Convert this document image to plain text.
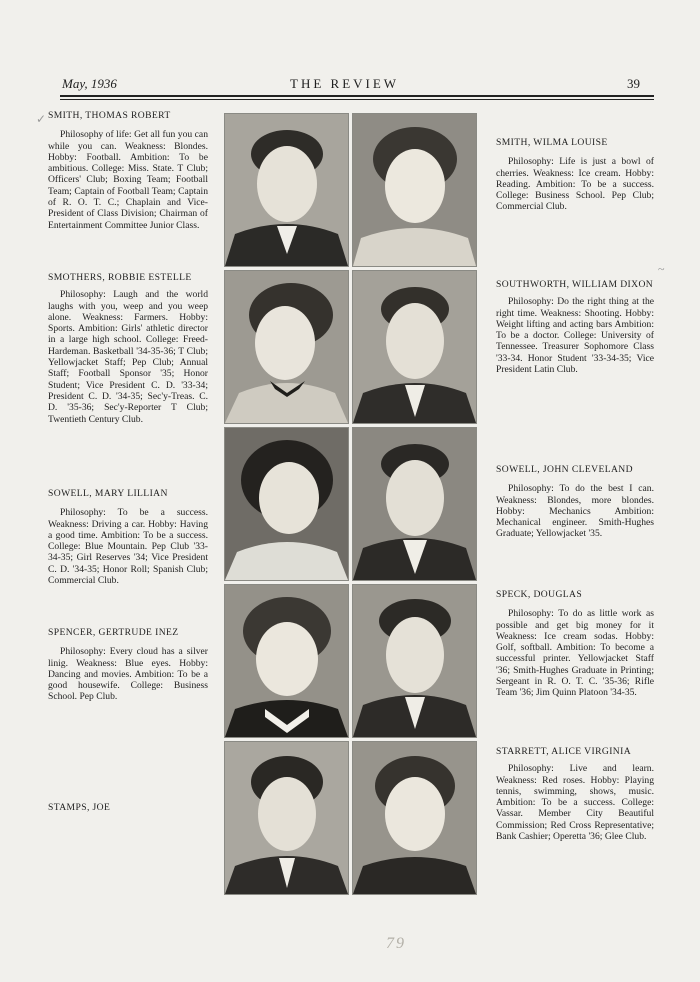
May, 1936	THE REVIEW	39
SMITH, THOMAS ROBERT
Philosophy of life: Get all fun you can while you can. Weakness: Blondes. Hobby: Football. Ambition: To be ambitious. College: Miss. State. T Club; Officers' Club; Boxing Team; Football Team; Captain of Football Team; Captain of R. O. T. C.; Chaplain and Vice-President of Class Division; Chairman of Entertainment Committee Junior Class.
SMOTHERS, ROBBIE ESTELLE
Philosophy: Laugh and the world laughs with you, weep and you weep alone. Weakness: Farmers. Hobby: Sports. Ambition: Girls' athletic director in a large high school. College: Freed-Hardeman. Basketball '34-35-36; T Club; Yellowjacket Staff; Pep Club; Annual Staff; Football Sponsor '35; Honor Student; Vice President C. D. '33-34; President C. D. '34-35; Sec'y-Treas. C. D. '35-36; Sec'y-Reporter T Club; Twentieth Century Club.
SOWELL, MARY LILLIAN
Philosophy: To be a success. Weakness: Driving a car. Hobby: Having a good time. Ambition: To be a success. College: Blue Mountain. Pep Club '33-34-35; Girl Reserves '34; Vice President C. D. '34-35; Honor Roll; Spanish Club; Commercial Club.
SPENCER, GERTRUDE INEZ
Philosophy: Every cloud has a silver linig. Weakness: Blue eyes. Hobby: Dancing and movies. Ambition: To be a good housewife. College: Business School. Pep Club.
STAMPS, JOE
SMITH, WILMA LOUISE
Philosophy: Life is just a bowl of cherries. Weakness: Ice cream. Hobby: Reading. Ambition: To be a success. College: Business School. Pep Club; Commercial Club.
SOUTHWORTH, WILLIAM DIXON
Philosophy: Do the right thing at the right time. Weakness: Shooting. Hobby: Weight lifting and acting bars Ambition: To be a doctor. College: University of Tennessee. Treasurer Sophomore Class '33-34. Honor Student '33-34-35; Vice President Latin Club.
SOWELL, JOHN CLEVELAND
Philosophy: To do the best I can. Weakness: Blondes, more blondes. Hobby: Mechanics Ambition: Mechanical engineer. Smith-Hughes Graduate; Yellowjacket '35.
SPECK, DOUGLAS
Philosophy: To do as little work as possible and get big money for it Weakness: Ice cream sodas. Hobby: Golf, softball. Ambition: To become a successful printer. Yellowjacket Staff '36; Smith-Hughes Graduate in Printing; Sergeant in R. O. T. C. '35-36; Rifle Team '36; Jim Quinn Platoon '34-35.
STARRETT, ALICE VIRGINIA
Philosophy: Live and learn. Weakness: Red roses. Hobby: Playing tennis, swimming, shows, music. Ambition: To be a success. College: Vassar. Member City Beautiful Commission; Red Cross Representative; Bank Cashier; Operetta '36; Glee Club.
79
✓
~
